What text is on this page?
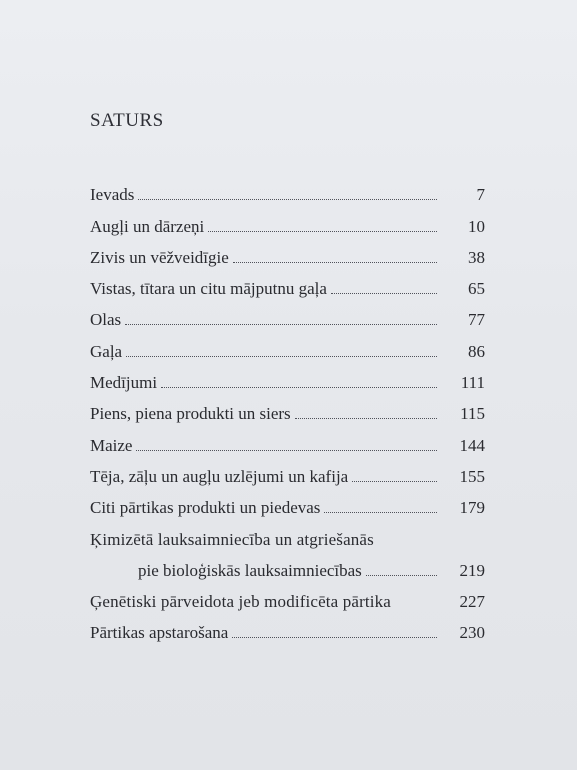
SATURS
Ievads	7
Augļi un dārzeņi	10
Zivis un vēžveidīgie	38
Vistas, tītara un citu mājputnu gaļa	65
Olas	77
Gaļa	86
Medījumi	111
Piens, piena produkti un siers	115
Maize	144
Tēja, zāļu un augļu uzlējumi un kafija	155
Citi pārtikas produkti un piedevas	179
Ķimizētā lauksaimniecība un atgriešanās
pie bioloģiskās lauksaimniecības	219
Ģenētiski pārveidota jeb modificēta pārtika	227
Pārtikas apstarošana	230
